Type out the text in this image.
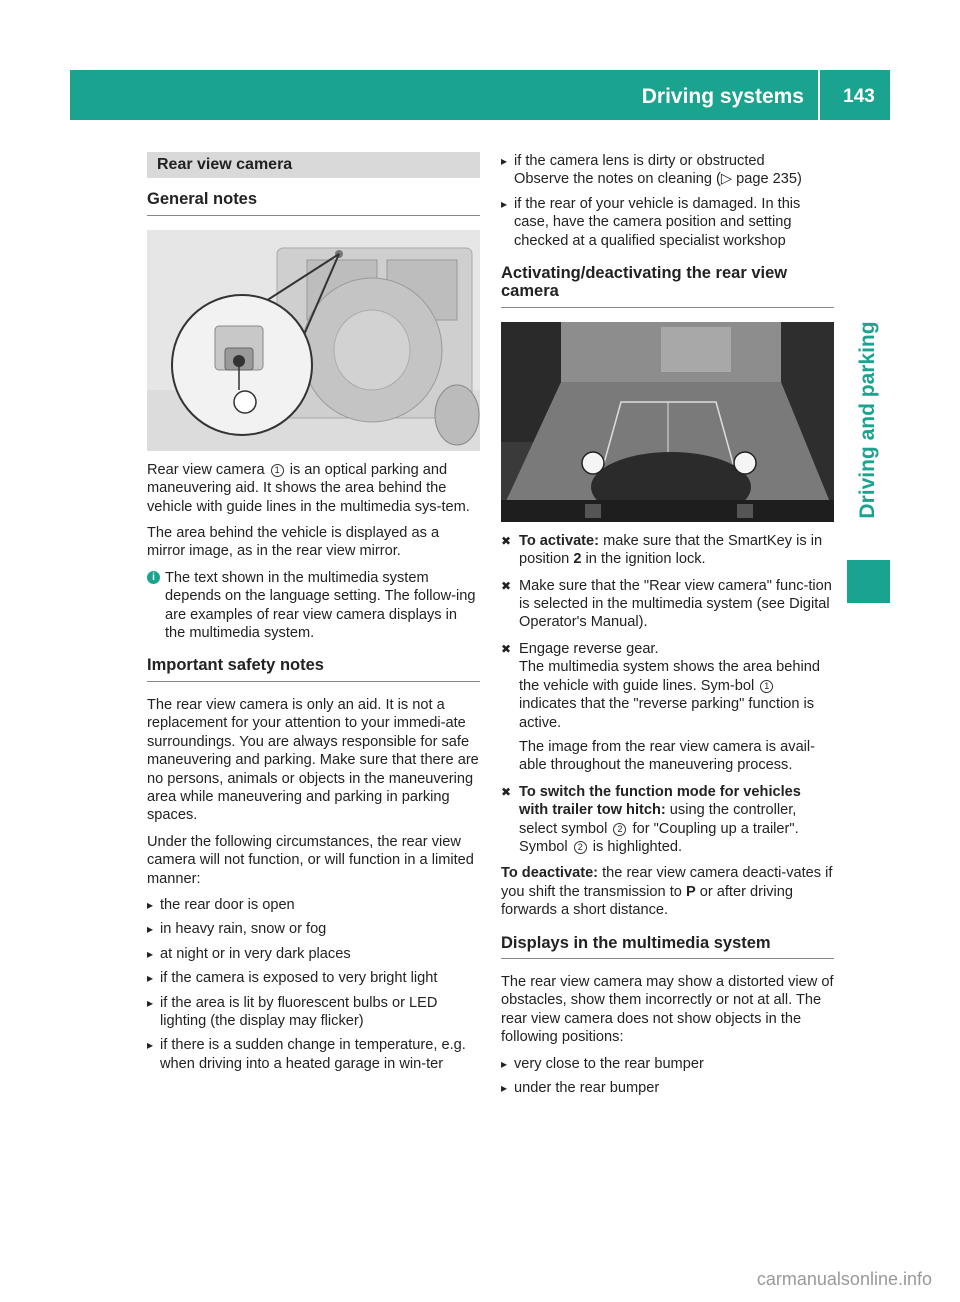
Driving systems	143
Driving and parking
Rear view camera
General notes

Rear view camera 1 is an optical parking and maneuvering aid. It shows the area behind the vehicle with guide lines in the multimedia sys-tem.

The area behind the vehicle is displayed as a mirror image, as in the rear view mirror.

i The text shown in the multimedia system depends on the language setting. The follow-ing are examples of rear view camera displays in the multimedia system.
Important safety notes

The rear view camera is only an aid. It is not a replacement for your attention to your immedi-ate surroundings. You are always responsible for safe maneuvering and parking. Make sure that there are no persons, animals or objects in the maneuvering area while maneuvering and parking in parking spaces.

Under the following circumstances, the rear view camera will not function, or will function in a limited manner:

▸ the rear door is open
▸ in heavy rain, snow or fog
▸ at night or in very dark places
▸ if the camera is exposed to very bright light
▸ if the area is lit by fluorescent bulbs or LED lighting (the display may flicker)
▸ if there is a sudden change in temperature, e.g. when driving into a heated garage in win-ter
▸ if the camera lens is dirty or obstructed
Observe the notes on cleaning (▷ page 235)
▸ if the rear of your vehicle is damaged. In this case, have the camera position and setting checked at a qualified specialist workshop
Activating/deactivating the rear view camera
✖ To activate: make sure that the SmartKey is in position 2 in the ignition lock.
✖ Make sure that the "Rear view camera" func-tion is selected in the multimedia system (see Digital Operator's Manual).
✖ Engage reverse gear.
The multimedia system shows the area behind the vehicle with guide lines. Sym-bol 1 indicates that the "reverse parking" function is active.

The image from the rear view camera is avail-able throughout the maneuvering process.

✖ To switch the function mode for vehicles with trailer tow hitch: using the controller, select symbol 2 for "Coupling up a trailer".
Symbol 2 is highlighted.

To deactivate: the rear view camera deacti-vates if you shift the transmission to P or after driving forwards a short distance.

Displays in the multimedia system

The rear view camera may show a distorted view of obstacles, show them incorrectly or not at all. The rear view camera does not show objects in the following positions:

▸ very close to the rear bumper
▸ under the rear bumper
carmanualsonline.info
